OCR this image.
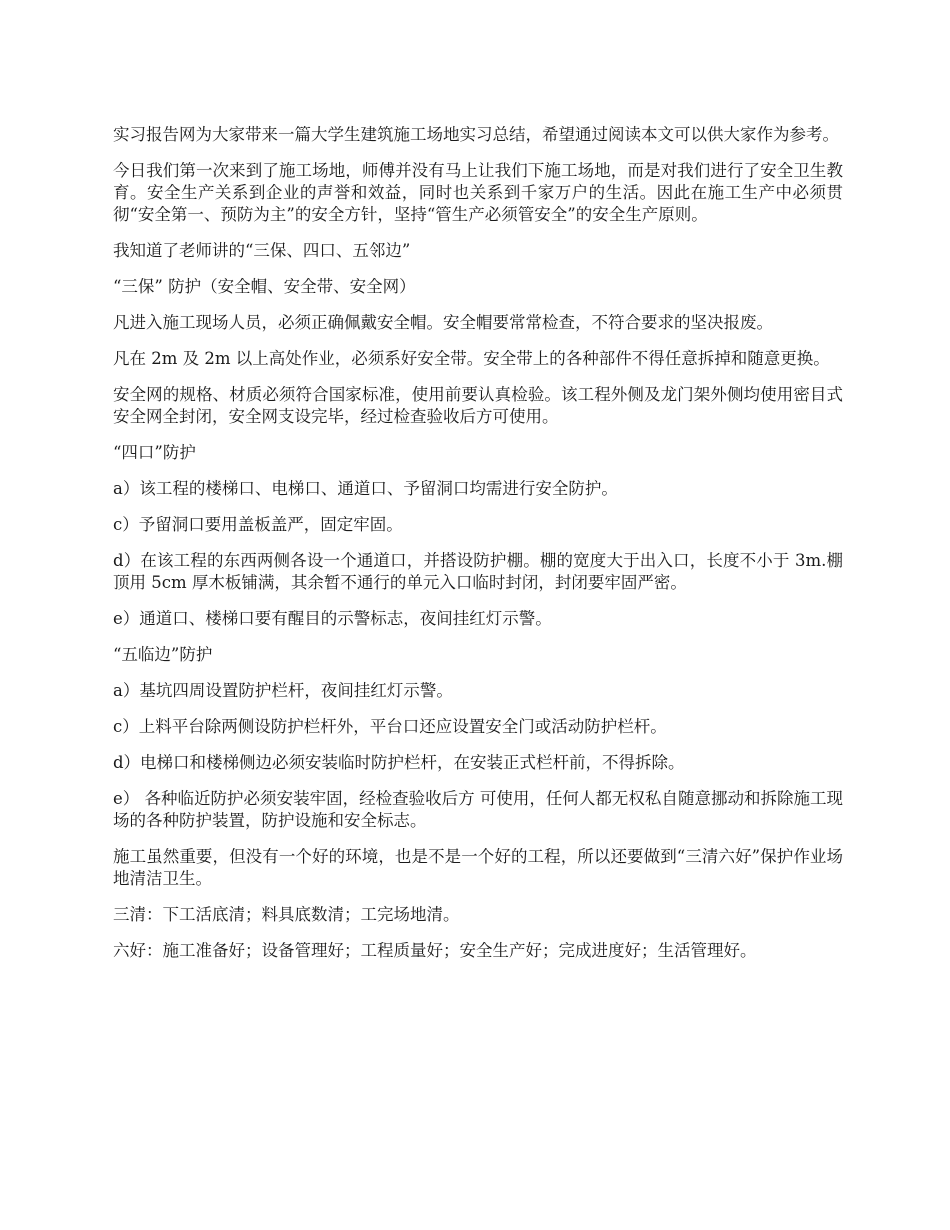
实习报告网为大家带来一篇大学生建筑施工场地实习总结，希望通过阅读本文可以供大家作为参考。

今日我们第一次来到了施工场地，师傅并没有马上让我们下施工场地，而是对我们进行了安全卫生教育。安全生产关系到企业的声誉和效益，同时也关系到千家万户的生活。因此在施工生产中必须贯彻“安全第一、预防为主”的安全方针，坚持“管生产必须管安全”的安全生产原则。

我知道了老师讲的“三保、四口、五邻边”

“三保” 防护（安全帽、安全带、安全网）

凡进入施工现场人员，必须正确佩戴安全帽。安全帽要常常检查，不符合要求的坚决报废。

凡在 2m 及 2m 以上高处作业，必须系好安全带。安全带上的各种部件不得任意拆掉和随意更换。

安全网的规格、材质必须符合国家标准，使用前要认真检验。该工程外侧及龙门架外侧均使用密目式安全网全封闭，安全网支设完毕，经过检查验收后方可使用。

“四口”防护

a）该工程的楼梯口、电梯口、通道口、予留洞口均需进行安全防护。

c）予留洞口要用盖板盖严，固定牢固。

d）在该工程的东西两侧各设一个通道口，并搭设防护棚。棚的宽度大于出入口，长度不小于 3m.棚顶用 5cm 厚木板铺满，其余暂不通行的单元入口临时封闭，封闭要牢固严密。

e）通道口、楼梯口要有醒目的示警标志，夜间挂红灯示警。

“五临边”防护

a）基坑四周设置防护栏杆，夜间挂红灯示警。

c）上料平台除两侧设防护栏杆外，平台口还应设置安全门或活动防护栏杆。

d）电梯口和楼梯侧边必须安装临时防护栏杆，在安装正式栏杆前，不得拆除。

e） 各种临近防护必须安装牢固，经检查验收后方 可使用，任何人都无权私自随意挪动和拆除施工现场的各种防护装置，防护设施和安全标志。

施工虽然重要，但没有一个好的环境，也是不是一个好的工程，所以还要做到“三清六好”保护作业场地清洁卫生。

三清：下工活底清；料具底数清；工完场地清。

六好：施工准备好；设备管理好；工程质量好；安全生产好；完成进度好；生活管理好。
